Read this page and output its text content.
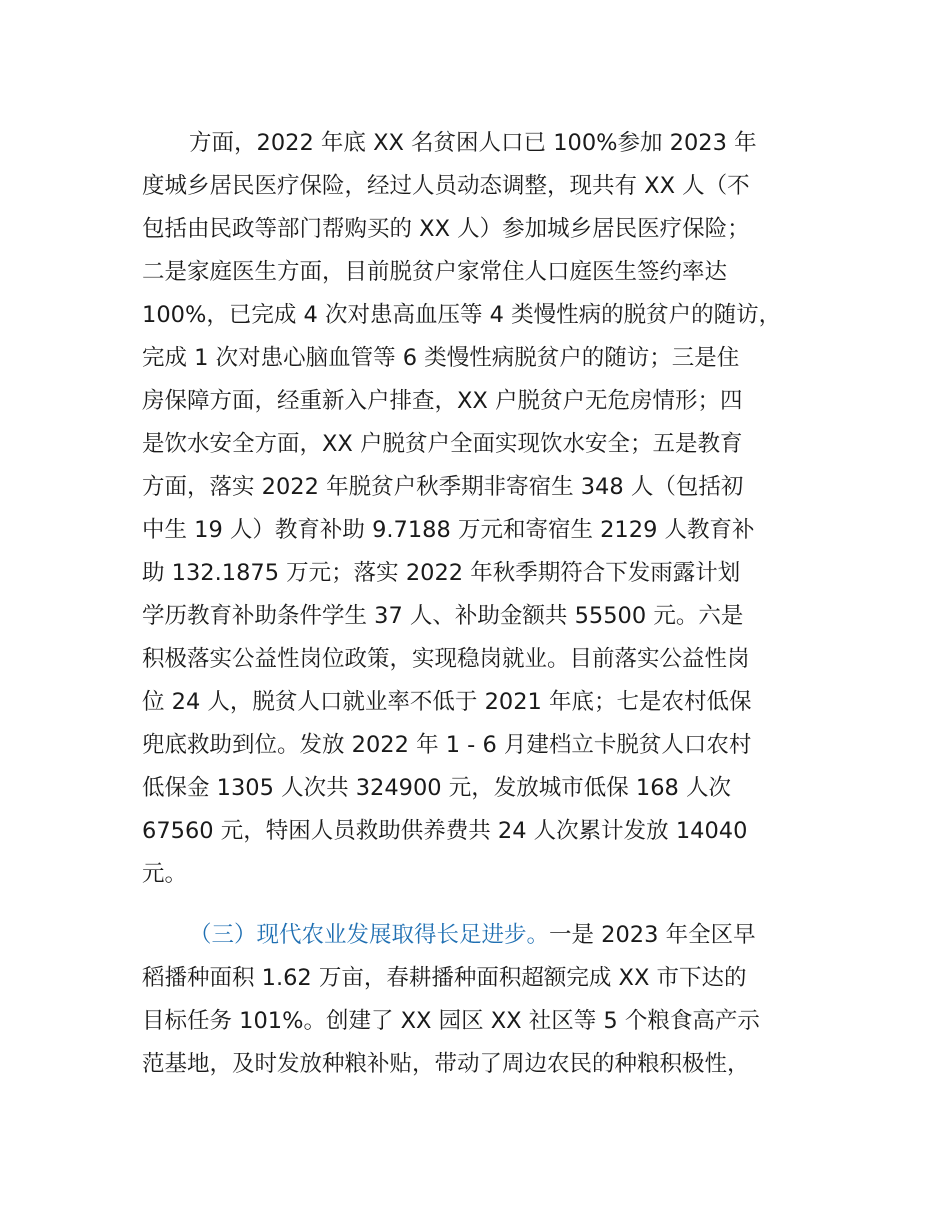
方面，2022 年底 XX 名贫困人口已 100%参加 2023 年

度城乡居民医疗保险，经过人员动态调整，现共有 XX 人（不

包括由民政等部门帮购买的 XX 人）参加城乡居民医疗保险；

二是家庭医生方面，目前脱贫户家常住人口庭医生签约率达

100%，已完成 4 次对患高血压等 4 类慢性病的脱贫户的随访，

完成 1 次对患心脑血管等 6 类慢性病脱贫户的随访；三是住

房保障方面，经重新入户排查，XX 户脱贫户无危房情形；四

是饮水安全方面，XX 户脱贫户全面实现饮水安全；五是教育

方面，落实 2022 年脱贫户秋季期非寄宿生 348 人（包括初

中生 19 人）教育补助 9.7188 万元和寄宿生 2129 人教育补

助 132.1875 万元；落实 2022 年秋季期符合下发雨露计划

学历教育补助条件学生 37 人、补助金额共 55500 元。六是

积极落实公益性岗位政策，实现稳岗就业。目前落实公益性岗

位 24 人，脱贫人口就业率不低于 2021 年底；七是农村低保

兜底救助到位。发放 2022 年 1 - 6 月建档立卡脱贫人口农村

低保金 1305 人次共 324900 元，发放城市低保 168 人次

67560 元，特困人员救助供养费共 24 人次累计发放 14040

元。

（三）现代农业发展取得长足进步。一是 2023 年全区早

稻播种面积 1.62 万亩，春耕播种面积超额完成 XX 市下达的

目标任务 101%。创建了 XX 园区 XX 社区等 5 个粮食高产示

范基地，及时发放种粮补贴，带动了周边农民的种粮积极性，
